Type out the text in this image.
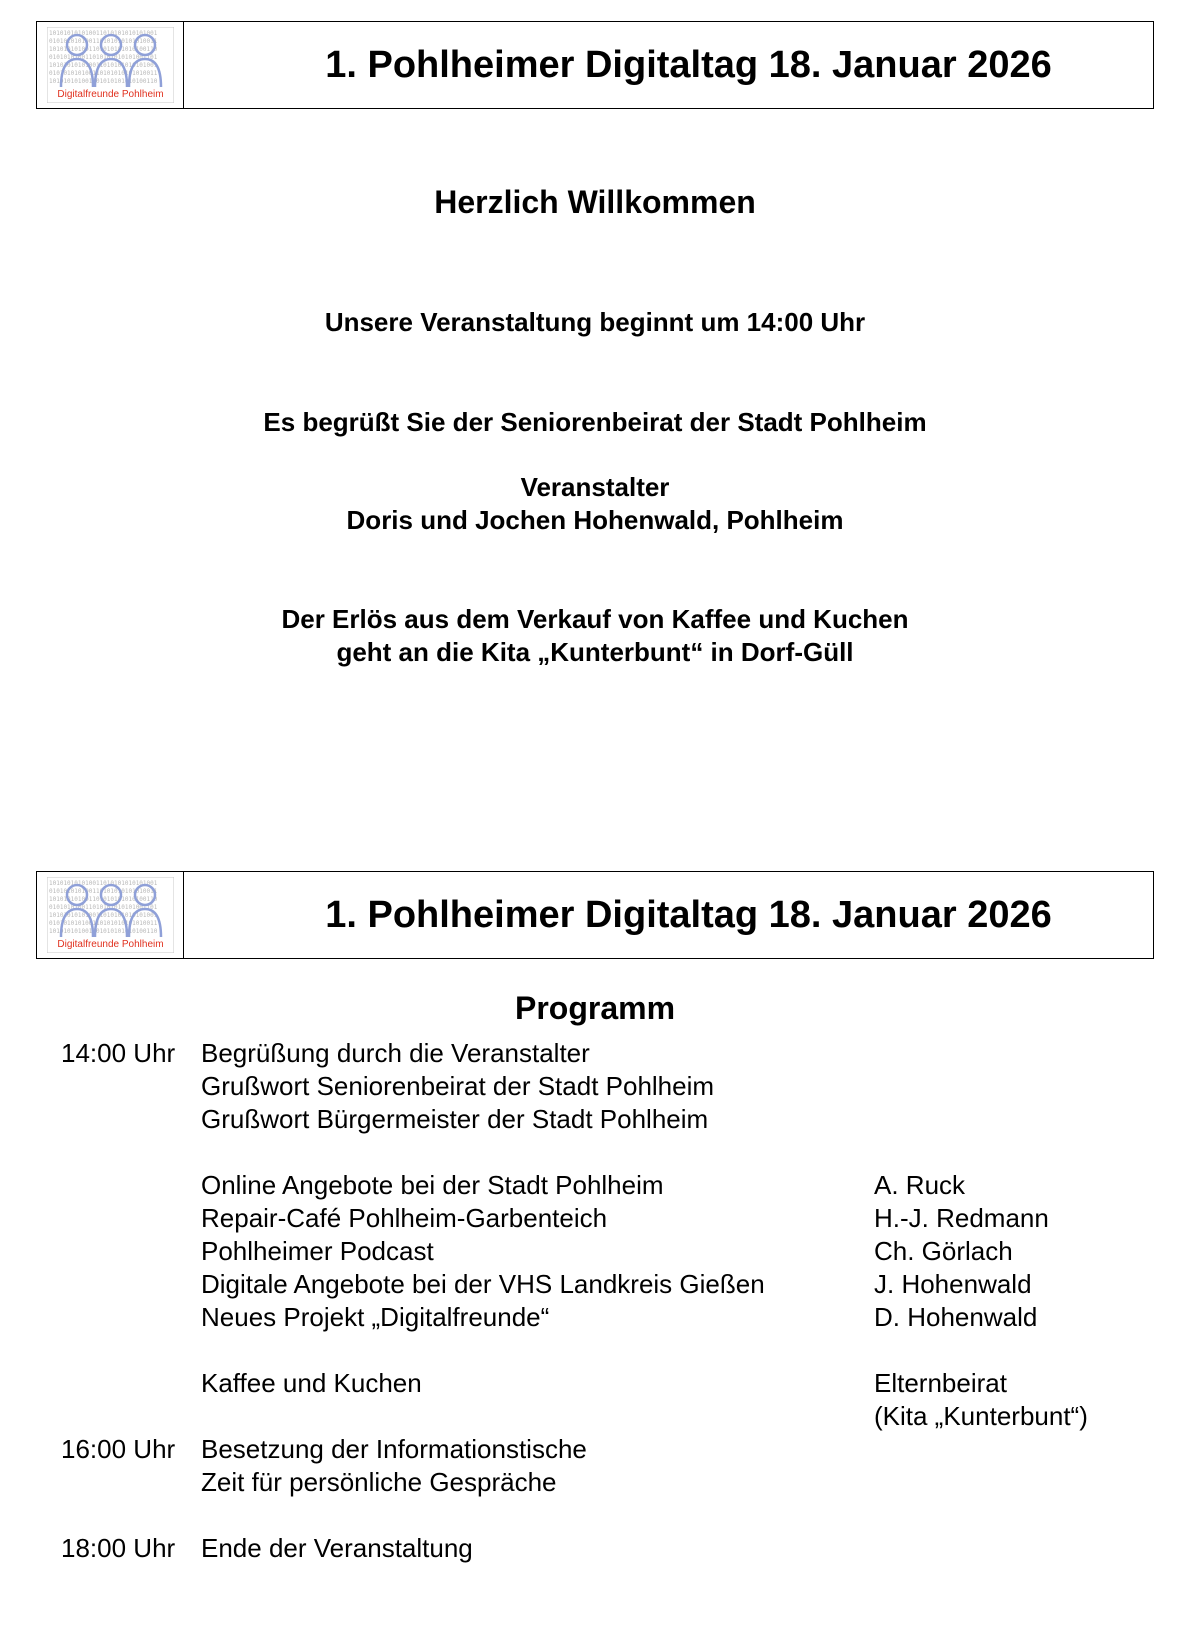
101010101010011010101010101001
010101010100110101010101010011
101010101001101010101010100110
010101010011010101010101001101
101010101010011010101010101001
010101010100110101010101010011
101010101001101010101010100110
Digitalfreunde Pohlheim
1. Pohlheimer Digitaltag 18. Januar 2026
Herzlich Willkommen
Unsere Veranstaltung beginnt um 14:00 Uhr
Es begrüßt Sie der Seniorenbeirat der Stadt Pohlheim
Veranstalter
Doris und Jochen Hohenwald, Pohlheim
Der Erlös aus dem Verkauf von Kaffee und Kuchen
geht an die Kita „Kunterbunt“ in Dorf-Güll
101010101010011010101010101001
010101010100110101010101010011
101010101001101010101010100110
010101010011010101010101001101
101010101010011010101010101001
010101010100110101010101010011
101010101001101010101010100110
Digitalfreunde Pohlheim
1. Pohlheimer Digitaltag 18. Januar 2026
Programm
14:00 Uhr Begrüßung durch die Veranstalter
Grußwort Seniorenbeirat der Stadt Pohlheim
Grußwort Bürgermeister der Stadt Pohlheim
Online Angebote bei der Stadt Pohlheim	A. Ruck
Repair-Café Pohlheim-Garbenteich	H.-J. Redmann
Pohlheimer Podcast	Ch. Görlach
Digitale Angebote bei der VHS Landkreis Gießen	J. Hohenwald
Neues Projekt „Digitalfreunde“	D. Hohenwald
Kaffee und Kuchen	Elternbeirat
(Kita „Kunterbunt“)
16:00 Uhr Besetzung der Informationstische
Zeit für persönliche Gespräche
18:00 Uhr Ende der Veranstaltung
